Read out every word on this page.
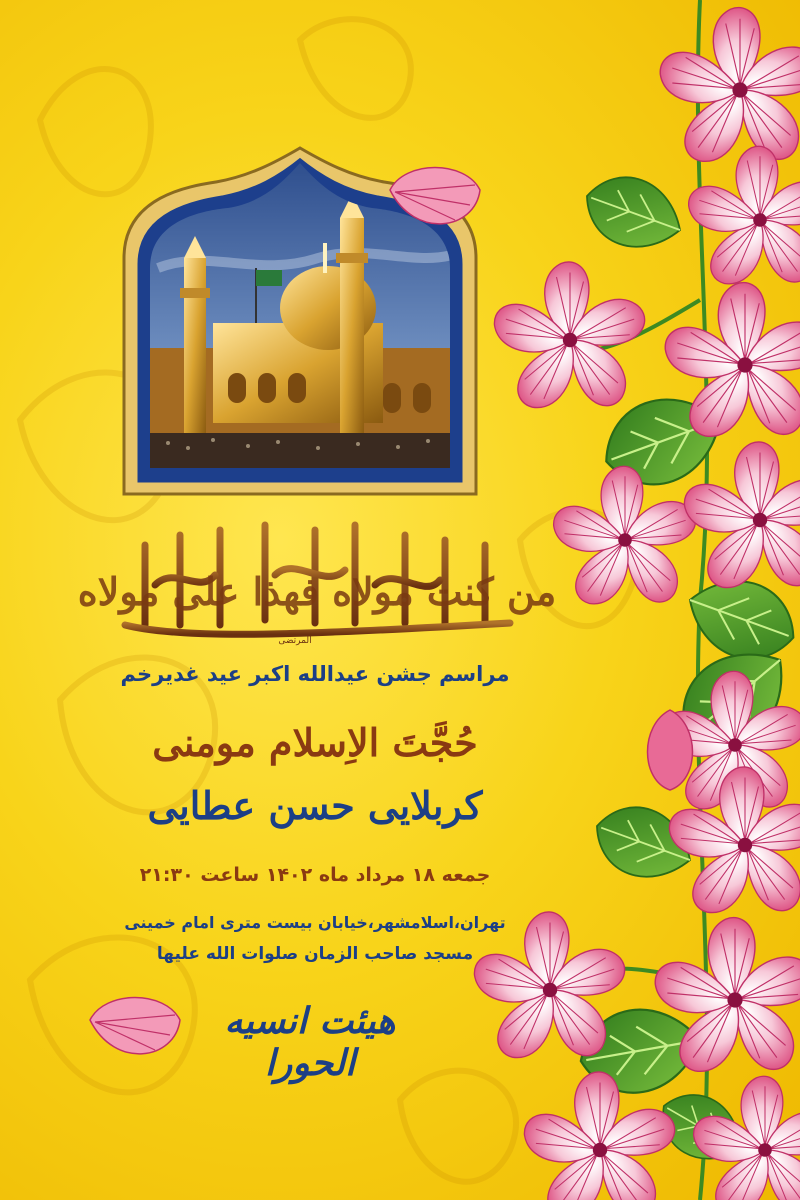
من کنت مولاه فهذا علی مولاه
المرتضی
مراسم جشن عیدالله اکبر عید غدیرخم
حُجَّتَ الاِسلام مومنی
کربلایی حسن عطایی
جمعه ۱۸ مرداد ماه ۱۴۰۲ ساعت ۲۱:۳۰
تهران،اسلامشهر،خیابان بیست متری امام خمینی
مسجد صاحب الزمان صلوات الله علیها
هیئت انسیه الحورا
